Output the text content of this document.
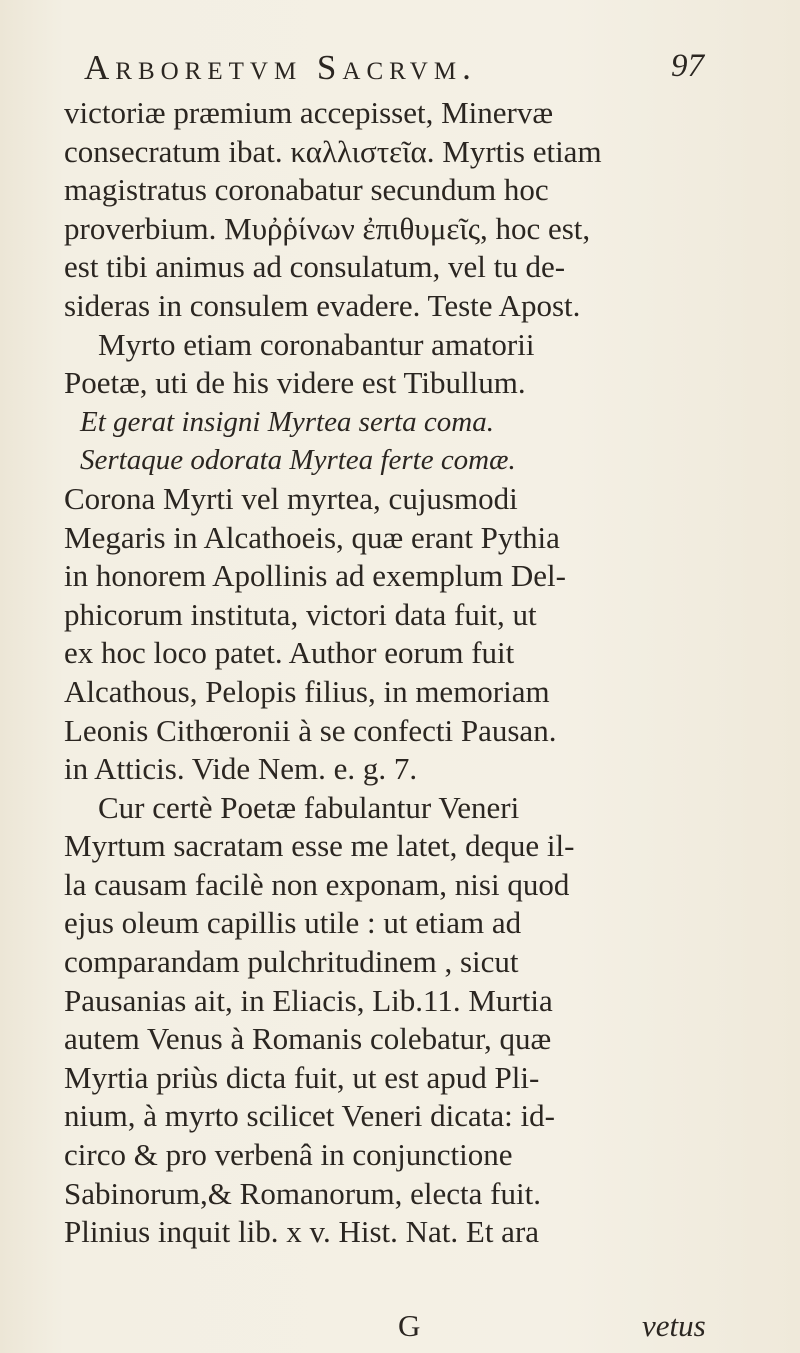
Arboretvm Sacrvm.	97
victoriæ præmium accepisset, Minervæ
consecratum ibat. καλλιστεῖα. Myrtis etiam
magistratus coronabatur secundum hoc
proverbium. Μυῤῥίνων ἐπιθυμεῖς, hoc est,
est tibi animus ad consulatum, vel tu de-
sideras in consulem evadere. Teste Apost.
Myrto etiam coronabantur amatorii
Poetæ, uti de his videre est Tibullum.
Et gerat insigni Myrtea serta coma.
Sertaque odorata Myrtea ferte comæ.
Corona Myrti vel myrtea, cujusmodi
Megaris in Alcathoeis, quæ erant Pythia
in honorem Apollinis ad exemplum Del-
phicorum instituta, victori data fuit, ut
ex hoc loco patet. Author eorum fuit
Alcathous, Pelopis filius, in memoriam
Leonis Cithœronii à se confecti Pausan.
in Atticis. Vide Nem. e. g. 7.
Cur certè Poetæ fabulantur Veneri
Myrtum sacratam esse me latet, deque il-
la causam facilè non exponam, nisi quod
ejus oleum capillis utile : ut etiam ad
comparandam pulchritudinem , sicut
Pausanias ait, in Eliacis, Lib.11. Murtia
autem Venus à Romanis colebatur, quæ
Myrtia priùs dicta fuit, ut est apud Pli-
nium, à myrto scilicet Veneri dicata: id-
circo & pro verbenâ in conjunctione
Sabinorum,& Romanorum, electa fuit.
Plinius inquit lib. x v. Hist. Nat. Et ara
G	vetus
